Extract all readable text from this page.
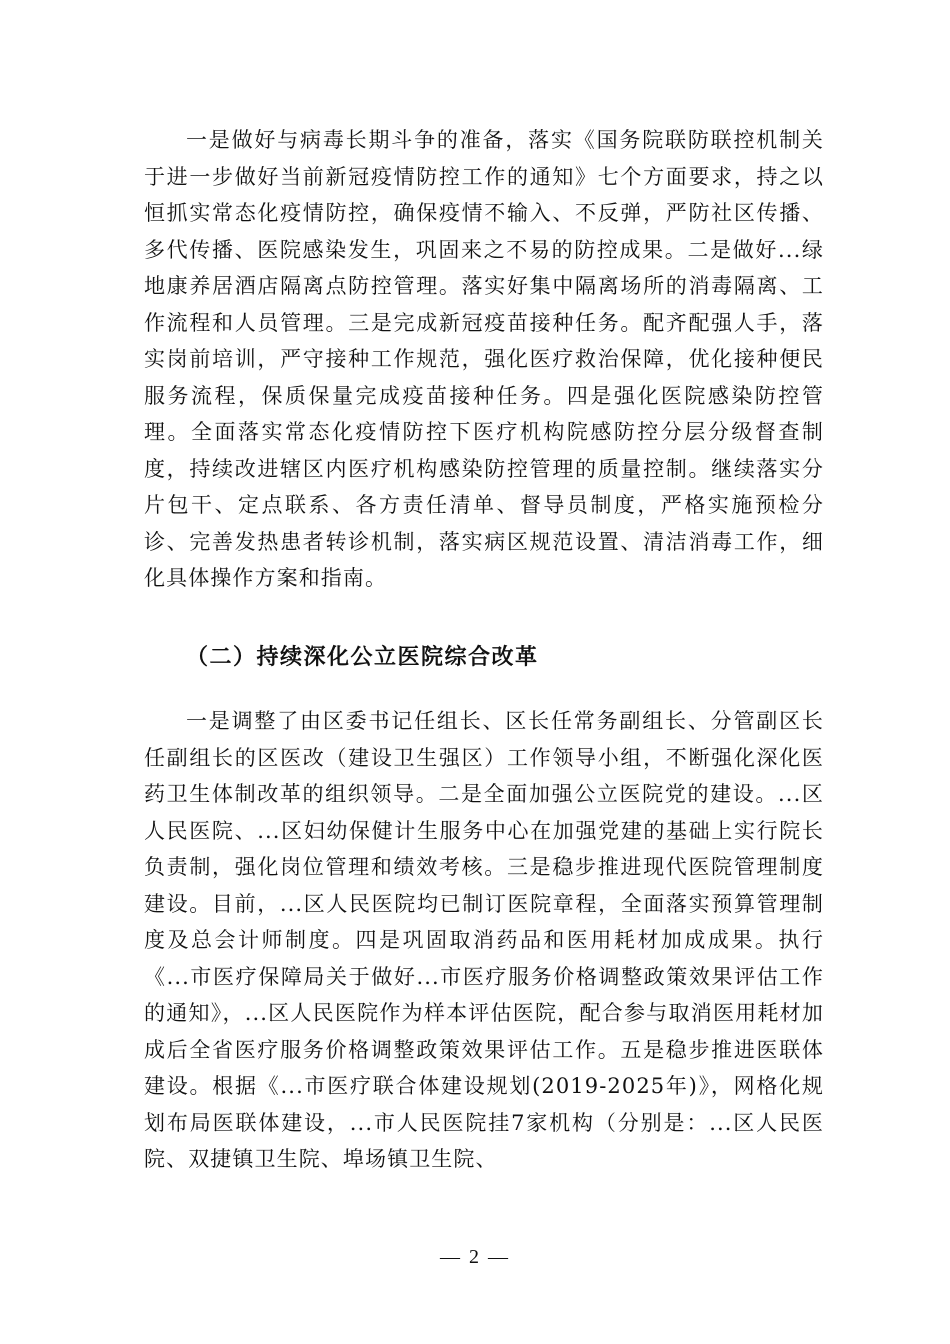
一是做好与病毒长期斗争的准备，落实《国务院联防联控机制关于进一步做好当前新冠疫情防控工作的通知》七个方面要求，持之以恒抓实常态化疫情防控，确保疫情不输入、不反弹，严防社区传播、多代传播、医院感染发生，巩固来之不易的防控成果。二是做好...绿地康养居酒店隔离点防控管理。落实好集中隔离场所的消毒隔离、工作流程和人员管理。三是完成新冠疫苗接种任务。配齐配强人手，落实岗前培训，严守接种工作规范，强化医疗救治保障，优化接种便民服务流程，保质保量完成疫苗接种任务。四是强化医院感染防控管理。全面落实常态化疫情防控下医疗机构院感防控分层分级督查制度，持续改进辖区内医疗机构感染防控管理的质量控制。继续落实分片包干、定点联系、各方责任清单、督导员制度，严格实施预检分诊、完善发热患者转诊机制，落实病区规范设置、清洁消毒工作，细化具体操作方案和指南。

（二）持续深化公立医院综合改革

一是调整了由区委书记任组长、区长任常务副组长、分管副区长任副组长的区医改（建设卫生强区）工作领导小组，不断强化深化医药卫生体制改革的组织领导。二是全面加强公立医院党的建设。...区人民医院、...区妇幼保健计生服务中心在加强党建的基础上实行院长负责制，强化岗位管理和绩效考核。三是稳步推进现代医院管理制度建设。目前，...区人民医院均已制订医院章程，全面落实预算管理制度及总会计师制度。四是巩固取消药品和医用耗材加成成果。执行《...市医疗保障局关于做好...市医疗服务价格调整政策效果评估工作的通知》，...区人民医院作为样本评估医院，配合参与取消医用耗材加成后全省医疗服务价格调整政策效果评估工作。五是稳步推进医联体建设。根据《...市医疗联合体建设规划(2019-2025年)》，网格化规划布局医联体建设，...市人民医院挂7家机构（分别是：...区人民医院、双捷镇卫生院、埠场镇卫生院、

— 2 —
